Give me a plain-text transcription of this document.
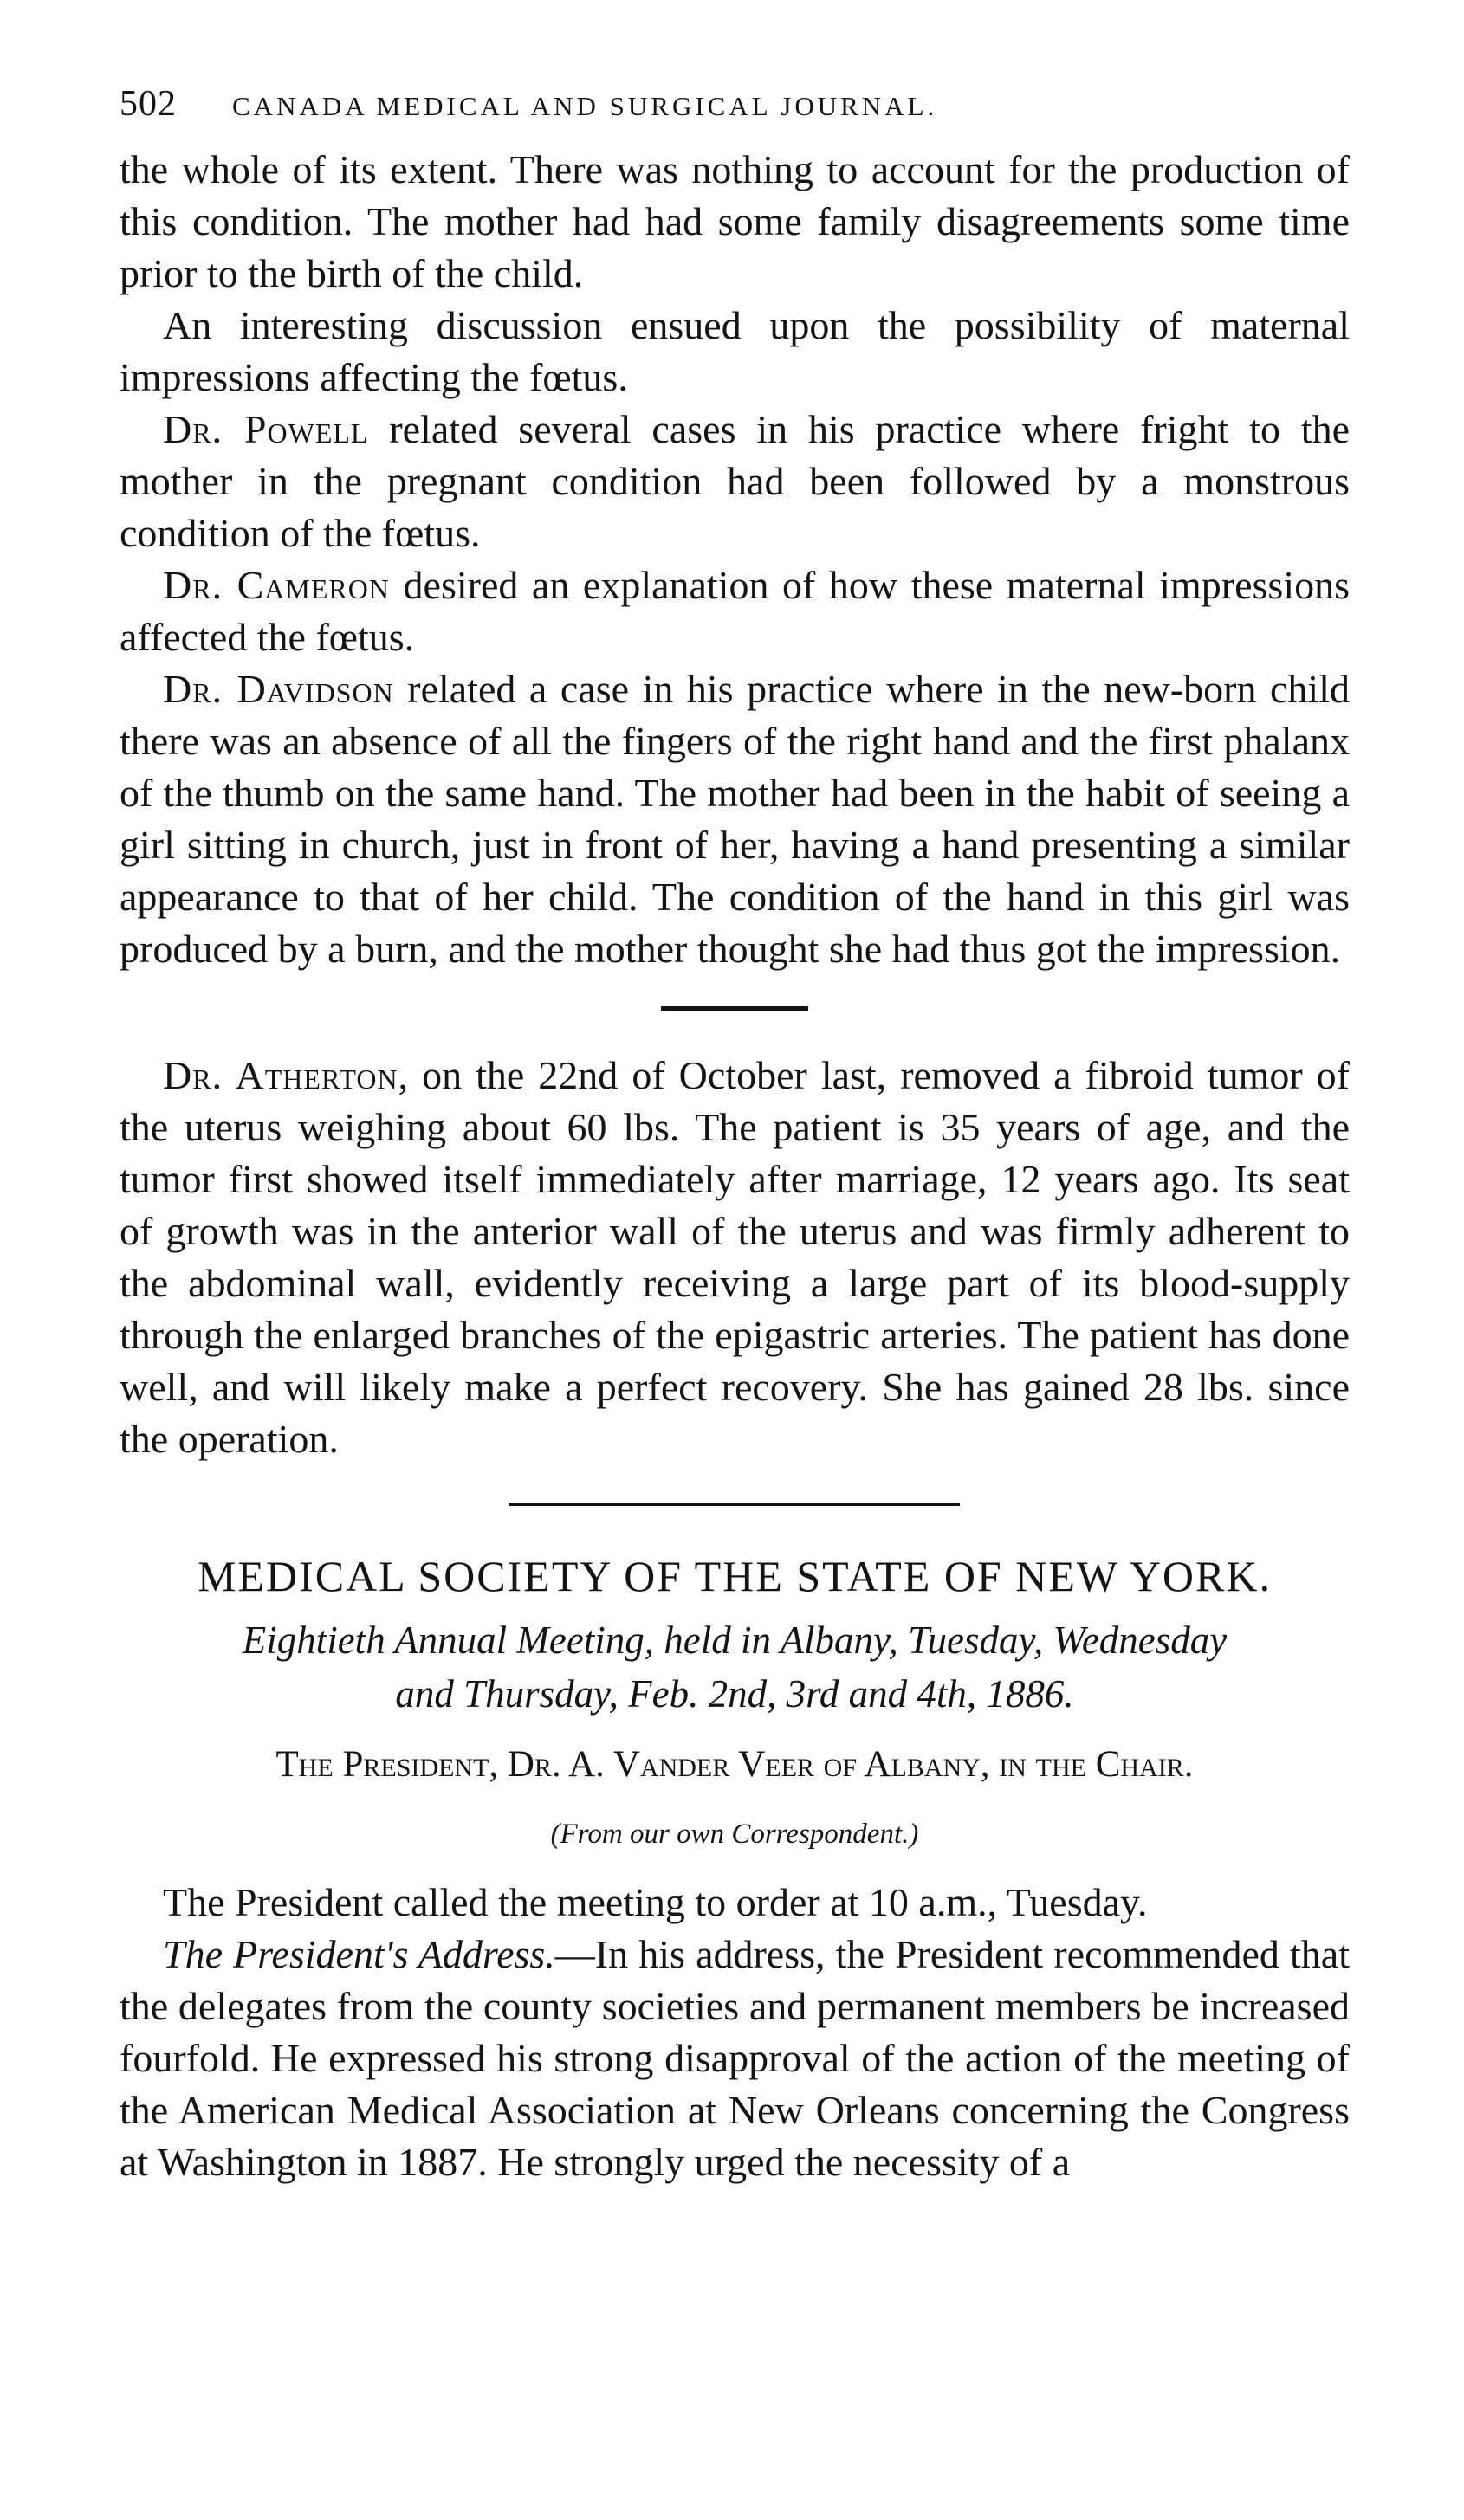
502	CANADA MEDICAL AND SURGICAL JOURNAL.

the whole of its extent. There was nothing to account for the production of this condition. The mother had had some family disagreements some time prior to the birth of the child.

An interesting discussion ensued upon the possibility of maternal impressions affecting the fœtus.

Dr. Powell related several cases in his practice where fright to the mother in the pregnant condition had been followed by a monstrous condition of the fœtus.

Dr. Cameron desired an explanation of how these maternal impressions affected the fœtus.

Dr. Davidson related a case in his practice where in the new-born child there was an absence of all the fingers of the right hand and the first phalanx of the thumb on the same hand. The mother had been in the habit of seeing a girl sitting in church, just in front of her, having a hand presenting a similar appearance to that of her child. The condition of the hand in this girl was produced by a burn, and the mother thought she had thus got the impression.

Dr. Atherton, on the 22nd of October last, removed a fibroid tumor of the uterus weighing about 60 lbs. The patient is 35 years of age, and the tumor first showed itself immediately after marriage, 12 years ago. Its seat of growth was in the anterior wall of the uterus and was firmly adherent to the abdominal wall, evidently receiving a large part of its blood-supply through the enlarged branches of the epigastric arteries. The patient has done well, and will likely make a perfect recovery. She has gained 28 lbs. since the operation.

MEDICAL SOCIETY OF THE STATE OF NEW YORK.

Eightieth Annual Meeting, held in Albany, Tuesday, Wednesday

and Thursday, Feb. 2nd, 3rd and 4th, 1886.

The President, Dr. A. Vander Veer of Albany, in the Chair.
(From our own Correspondent.)

The President called the meeting to order at 10 a.m., Tuesday.

The President's Address.—In his address, the President recommended that the delegates from the county societies and permanent members be increased fourfold. He expressed his strong disapproval of the action of the meeting of the American Medical Association at New Orleans concerning the Congress at Washington in 1887. He strongly urged the necessity of a
